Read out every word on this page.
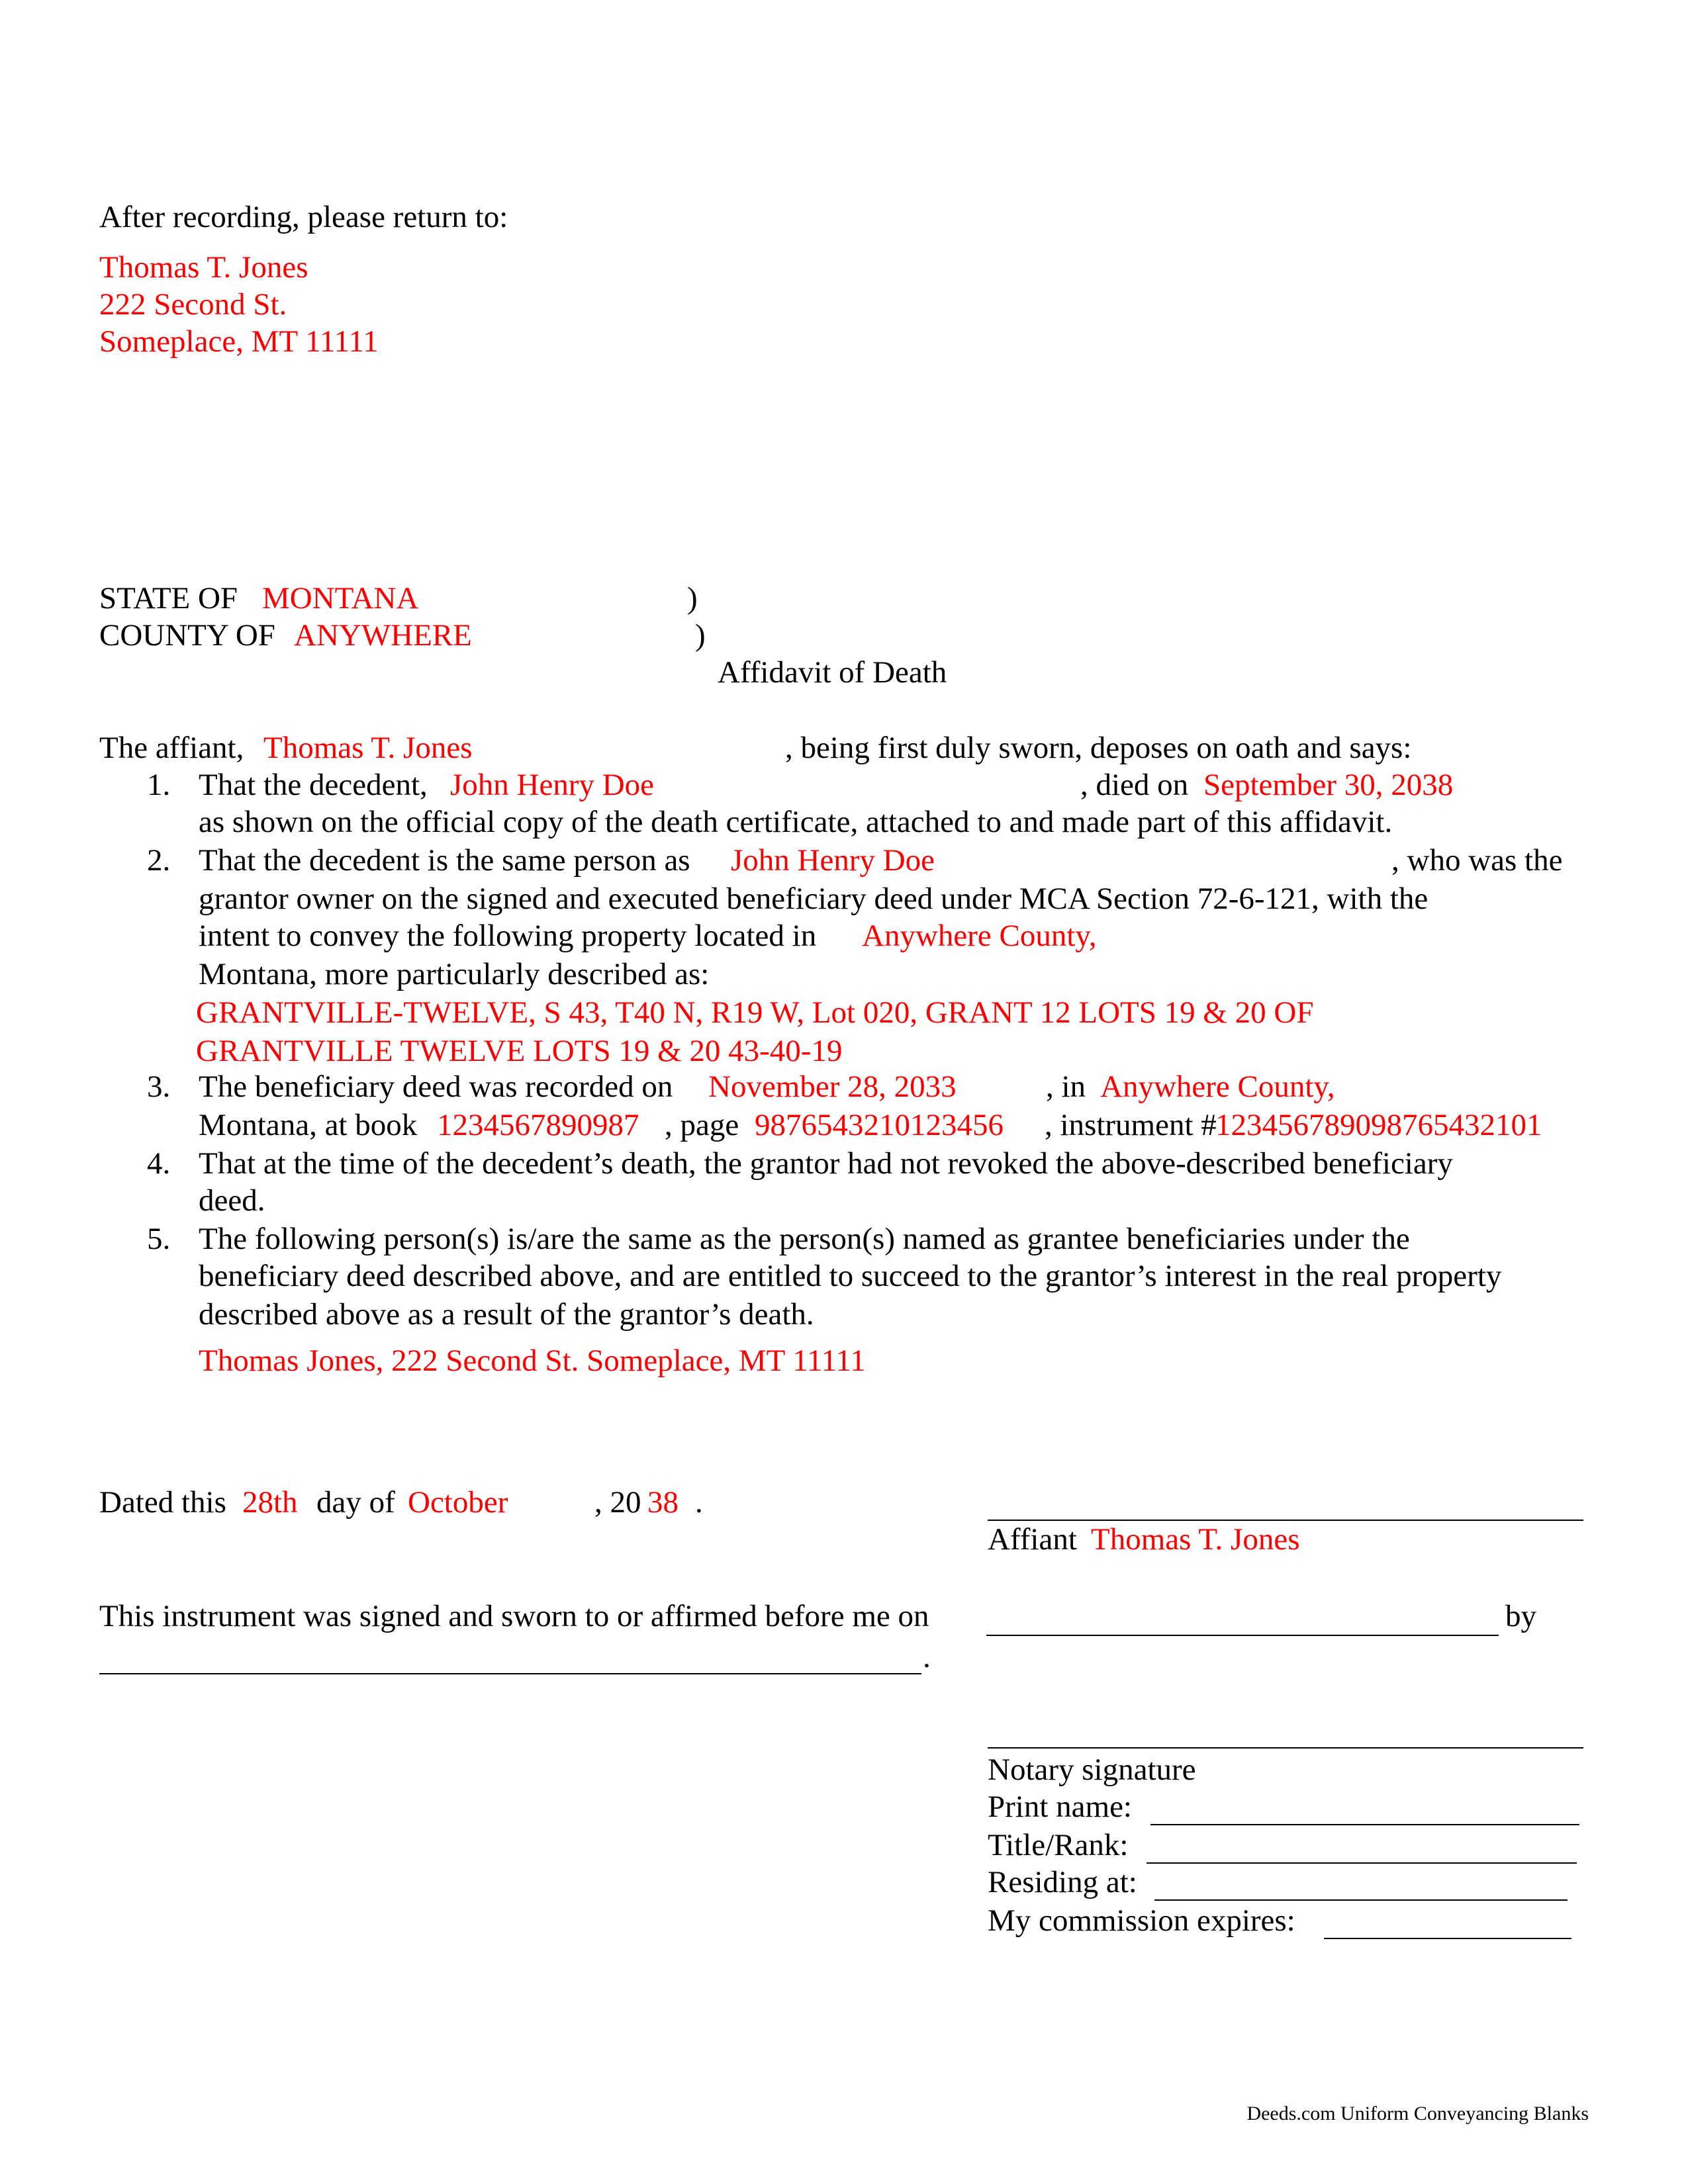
After recording, please return to:
Thomas T. Jones
222 Second St.
Someplace, MT 11111
STATE OF MONTANA	)
COUNTY OF ANYWHERE	)
Affidavit of Death
The affiant, Thomas T. Jones	, being first duly sworn, deposes on oath and says:
1. That the decedent, John Henry Doe	, died on September 30, 2038
as shown on the official copy of the death certificate, attached to and made part of this affidavit.
2. That the decedent is the same person as John Henry Doe	, who was the
grantor owner on the signed and executed beneficiary deed under MCA Section 72-6-121, with the
intent to convey the following property located in Anywhere County,
Montana, more particularly described as:
GRANTVILLE-TWELVE, S 43, T40 N, R19 W, Lot 020, GRANT 12 LOTS 19 & 20 OF
GRANTVILLE TWELVE LOTS 19 & 20 43-40-19
3. The beneficiary deed was recorded on November 28, 2033	, in Anywhere County,
Montana, at book 1234567890987 , page 9876543210123456 , instrument #
12345678909876543210​1
4. That at the time of the decedent’s death, the grantor had not revoked the above-described beneficiary
deed.
5. The following person(s) is/are the same as the person(s) named as grantee beneficiaries under the
beneficiary deed described above, and are entitled to succeed to the grantor’s interest in the real property
described above as a result of the grantor’s death.
Thomas Jones, 222 Second St. Someplace, MT 11111
Dated this 28th day of October	, 20 38 .
Affiant Thomas T. Jones
This instrument was signed and sworn to or affirmed before me on	by
.
Notary signature
Print name:
Title/Rank:
Residing at:
My commission expires:
Deeds.com Uniform Conveyancing Blanks
